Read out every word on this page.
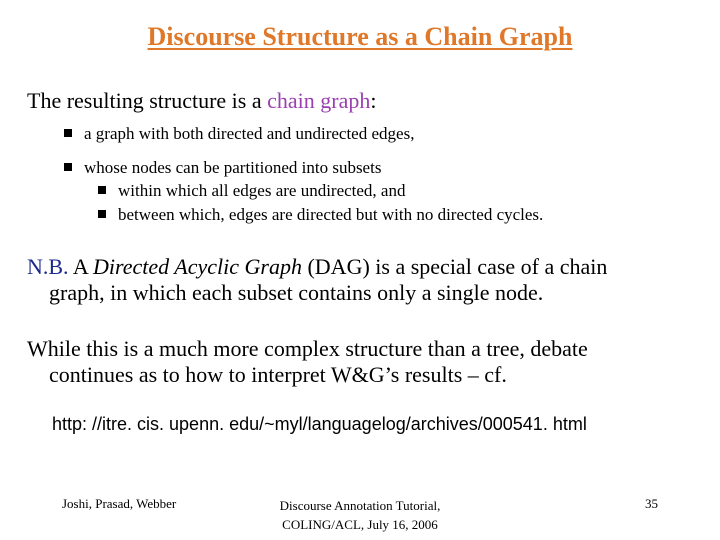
Discourse Structure as a Chain Graph
The resulting structure is a chain graph:
a graph with both directed and undirected edges,
whose nodes can be partitioned into subsets
within which all edges are undirected, and
between which, edges are directed but with no directed cycles.
N.B. A Directed Acyclic Graph (DAG) is a special case of a chain
graph, in which each subset contains only a single node.
While this is a much more complex structure than a tree, debate
continues as to how to interpret W&G’s results – cf.
http: //itre. cis. upenn. edu/~myl/languagelog/archives/000541. html
Joshi, Prasad, Webber	Discourse Annotation Tutorial,
COLING/ACL, July 16, 2006
35
